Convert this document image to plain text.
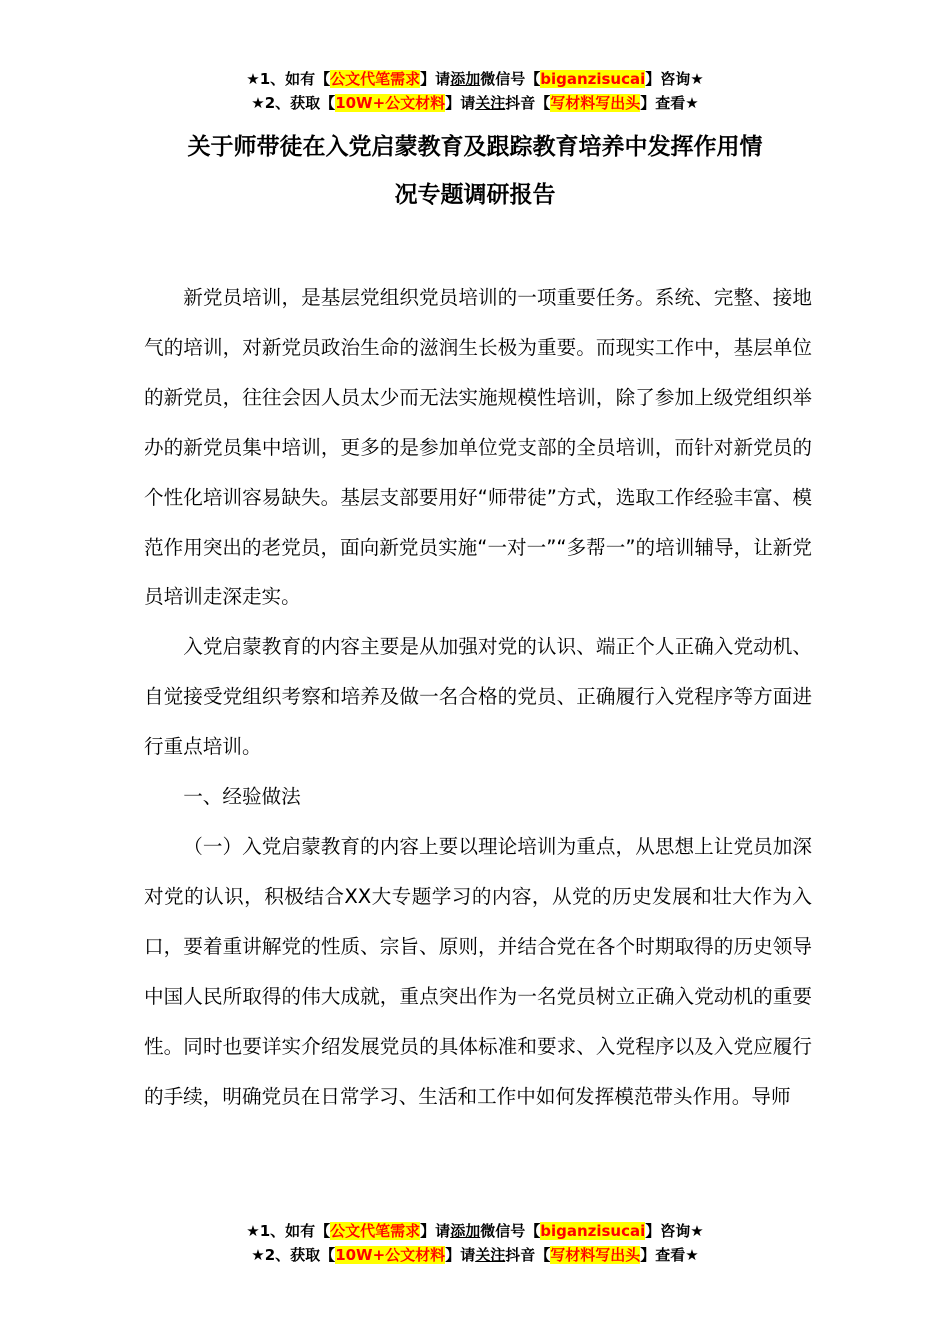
★1、如有【公文代笔需求】请添加微信号【biganzisucai】咨询★
★2、获取【10W+公文材料】请关注抖音【写材料写出头】查看★
关于师带徒在入党启蒙教育及跟踪教育培养中发挥作用情
况专题调研报告

新党员培训，是基层党组织党员培训的一项重要任务。系统、完整、接地气的培训，对新党员政治生命的滋润生长极为重要。而现实工作中，基层单位的新党员，往往会因人员太少而无法实施规模性培训，除了参加上级党组织举办的新党员集中培训，更多的是参加单位党支部的全员培训，而针对新党员的个性化培训容易缺失。基层支部要用好“师带徒”方式，选取工作经验丰富、模范作用突出的老党员，面向新党员实施“一对一”“多帮一”的培训辅导，让新党员培训走深走实。

入党启蒙教育的内容主要是从加强对党的认识、端正个人正确入党动机、自觉接受党组织考察和培养及做一名合格的党员、正确履行入党程序等方面进行重点培训。

一、经验做法

（一）入党启蒙教育的内容上要以理论培训为重点，从思想上让党员加深对党的认识，积极结合XX大专题学习的内容，从党的历史发展和壮大作为入口，要着重讲解党的性质、宗旨、原则，并结合党在各个时期取得的历史领导中国人民所取得的伟大成就，重点突出作为一名党员树立正确入党动机的重要性。同时也要详实介绍发展党员的具体标准和要求、入党程序以及入党应履行的手续，明确党员在日常学习、生活和工作中如何发挥模范带头作用。导师

★1、如有【公文代笔需求】请添加微信号【biganzisucai】咨询★
★2、获取【10W+公文材料】请关注抖音【写材料写出头】查看★
